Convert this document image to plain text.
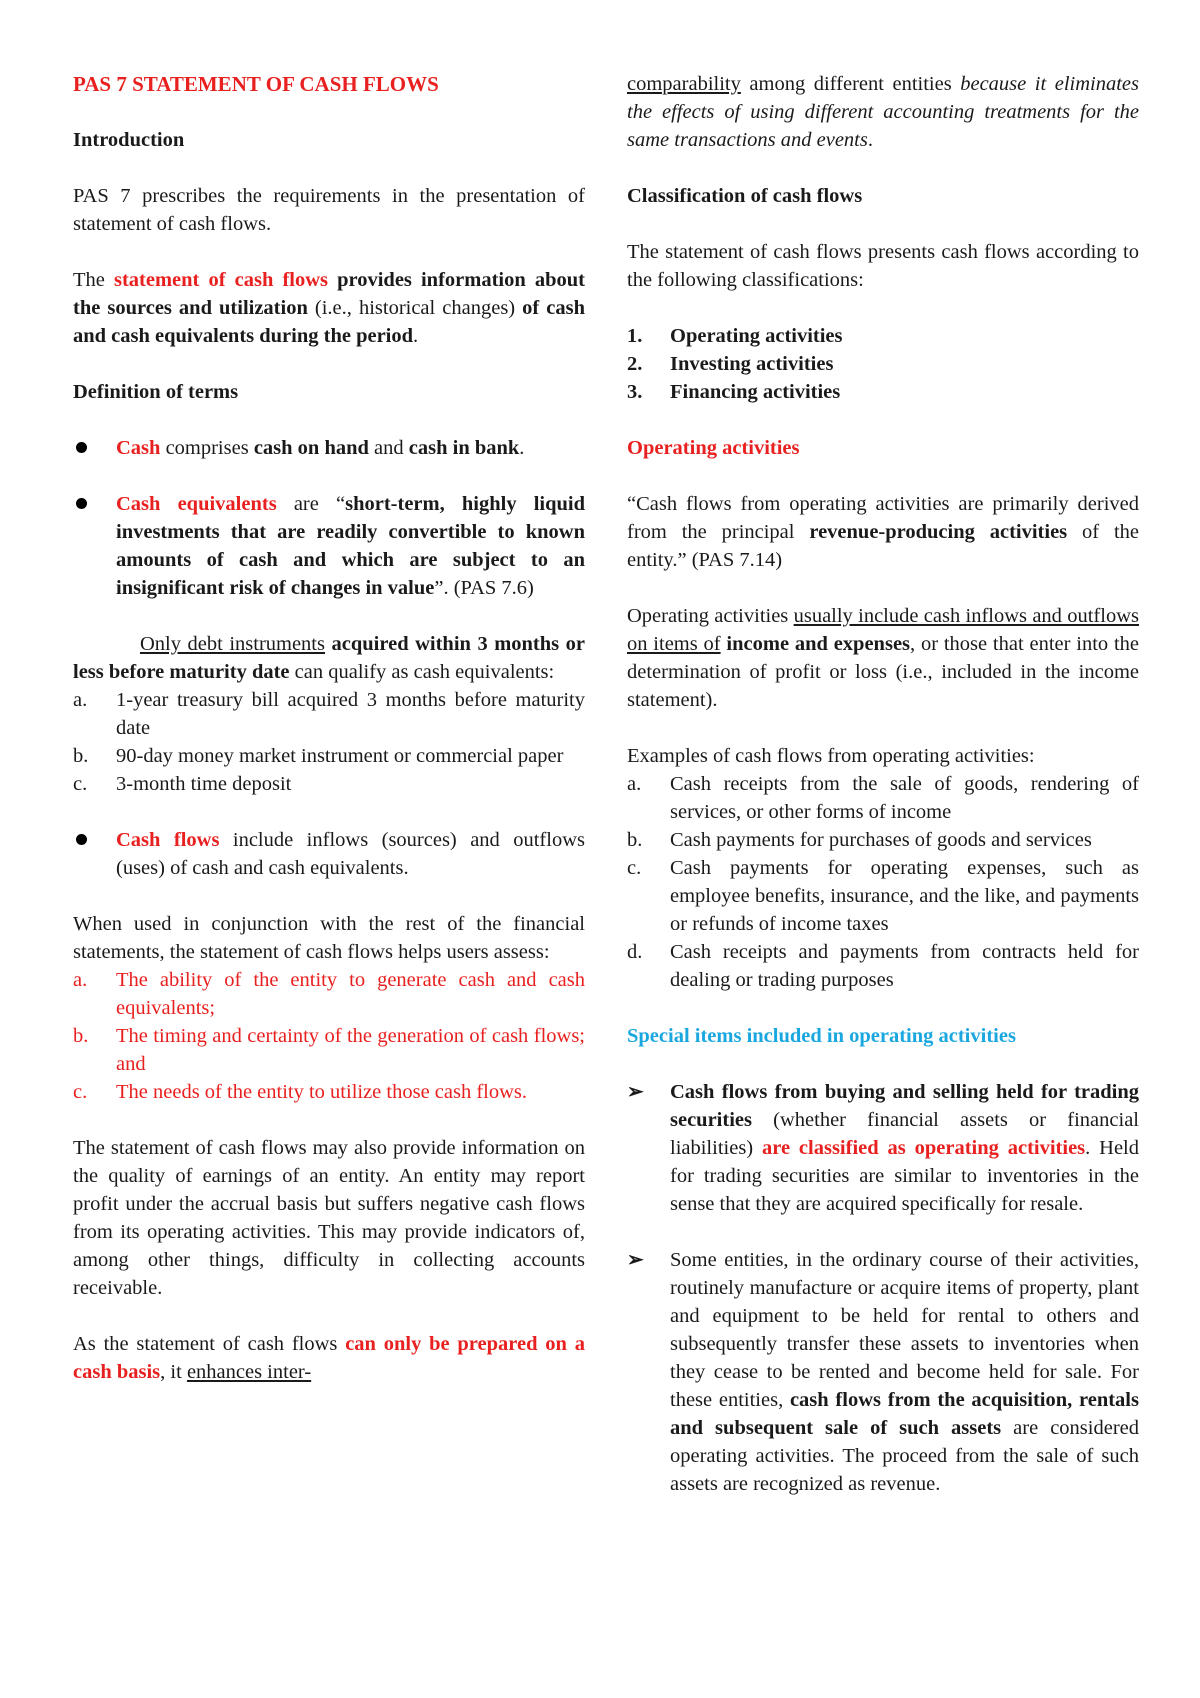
PAS 7 STATEMENT OF CASH FLOWS
Introduction

PAS 7 prescribes the requirements in the presentation of statement of cash flows.

The statement of cash flows provides information about the sources and utilization (i.e., historical changes) of cash and cash equivalents during the period.

Definition of terms
Cash comprises cash on hand and cash in bank.
Cash equivalents are “short-term, highly liquid investments that are readily convertible to known amounts of cash and which are subject to an insignificant risk of changes in value”. (PAS 7.6)

Only debt instruments acquired within 3 months or less before maturity date can qualify as cash equivalents:

a.	1-year treasury bill acquired 3 months before maturity date
b.	90-day money market instrument or commercial paper
c.	3-month time deposit
Cash flows include inflows (sources) and outflows (uses) of cash and cash equivalents.

When used in conjunction with the rest of the financial statements, the statement of cash flows helps users assess:

a.	The ability of the entity to generate cash and cash equivalents;
b.	The timing and certainty of the generation of cash flows; and
c.	The needs of the entity to utilize those cash flows.

The statement of cash flows may also provide information on the quality of earnings of an entity. An entity may report profit under the accrual basis but suffers negative cash flows from its operating activities. This may provide indicators of, among other things, difficulty in collecting accounts receivable.

As the statement of cash flows can only be prepared on a cash basis, it enhances inter-

comparability among different entities because it eliminates the effects of using different accounting treatments for the same transactions and events.

Classification of cash flows

The statement of cash flows presents cash flows according to the following classifications:

1.	Operating activities
2.	Investing activities
3.	Financing activities
Operating activities

“Cash flows from operating activities are primarily derived from the principal revenue-producing activities of the entity.” (PAS 7.14)

Operating activities usually include cash inflows and outflows on items of income and expenses, or those that enter into the determination of profit or loss (i.e., included in the income statement).

Examples of cash flows from operating activities:

a.	Cash receipts from the sale of goods, rendering of services, or other forms of income
b.	Cash payments for purchases of goods and services
c.	Cash payments for operating expenses, such as employee benefits, insurance, and the like, and payments or refunds of income taxes
d.	Cash receipts and payments from contracts held for dealing or trading purposes
Special items included in operating activities
➢	Cash flows from buying and selling held for trading securities (whether financial assets or financial liabilities) are classified as operating activities. Held for trading securities are similar to inventories in the sense that they are acquired specifically for resale.
➢	Some entities, in the ordinary course of their activities, routinely manufacture or acquire items of property, plant and equipment to be held for rental to others and subsequently transfer these assets to inventories when they cease to be rented and become held for sale. For these entities, cash flows from the acquisition, rentals and subsequent sale of such assets are considered operating activities. The proceed from the sale of such assets are recognized as revenue.
